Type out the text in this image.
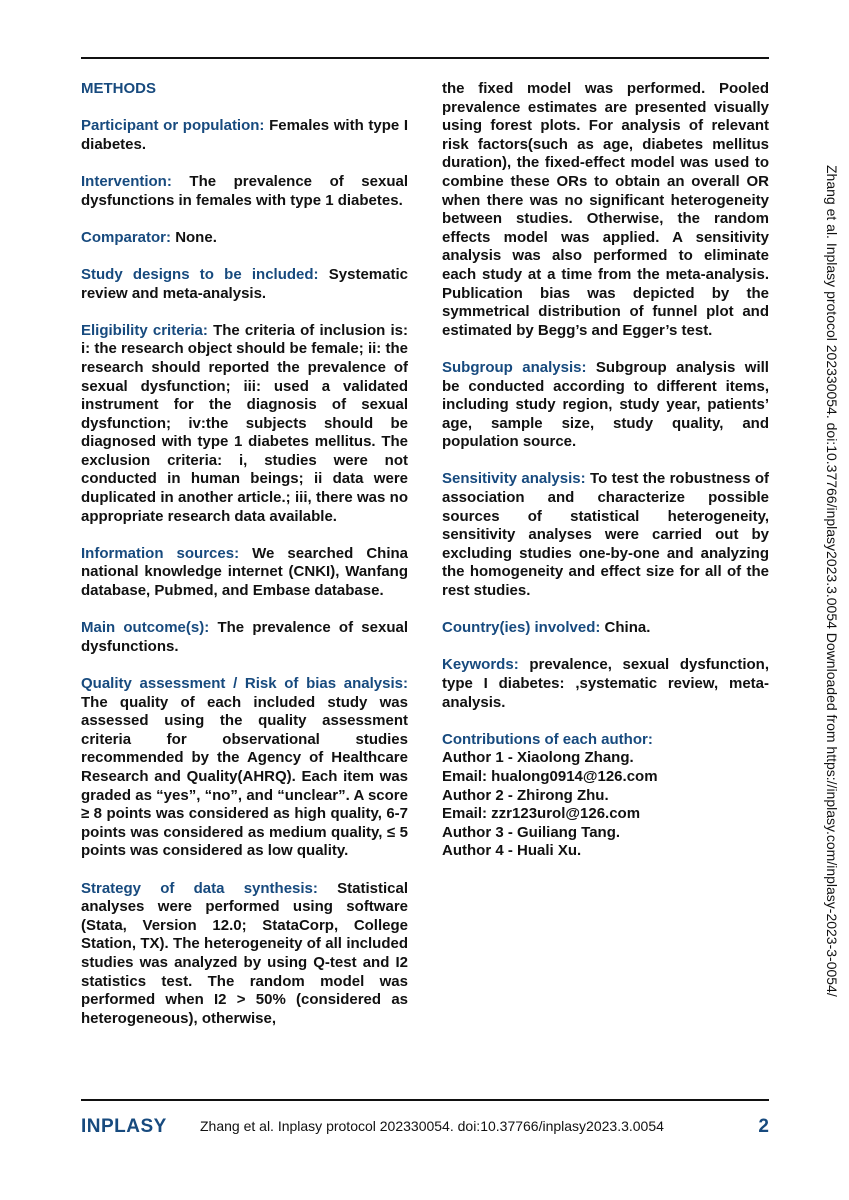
METHODS

Participant or population: Females with type I diabetes.

Intervention: The prevalence of sexual dysfunctions in females with type 1 diabetes.

Comparator: None.

Study designs to be included: Systematic review and meta-analysis.

Eligibility criteria: The criteria of inclusion is: i: the research object should be female; ii: the research should reported the prevalence of sexual dysfunction; iii: used a validated instrument for the diagnosis of sexual dysfunction; iv:the subjects should be diagnosed with type 1 diabetes mellitus. The exclusion criteria: i, studies were not conducted in human beings; ii data were duplicated in another article.; iii, there was no appropriate research data available.

Information sources: We searched China national knowledge internet (CNKI), Wanfang database, Pubmed, and Embase database.

Main outcome(s): The prevalence of sexual dysfunctions.

Quality assessment / Risk of bias analysis: The quality of each included study was assessed using the quality assessment criteria for observational studies recommended by the Agency of Healthcare Research and Quality(AHRQ). Each item was graded as “yes”, “no”, and “unclear”. A score ≥ 8 points was considered as high quality, 6-7 points was considered as medium quality, ≤ 5 points was considered as low quality.

Strategy of data synthesis: Statistical analyses were performed using software (Stata, Version 12.0; StataCorp, College Station, TX). The heterogeneity of all included studies was analyzed by using Q-test and I2 statistics test. The random model was performed when I2 > 50% (considered as heterogeneous), otherwise,

the fixed model was performed. Pooled prevalence estimates are presented visually using forest plots. For analysis of relevant risk factors(such as age, diabetes mellitus duration), the fixed-effect model was used to combine these ORs to obtain an overall OR when there was no significant heterogeneity between studies. Otherwise, the random effects model was applied. A sensitivity analysis was also performed to eliminate each study at a time from the meta-analysis. Publication bias was depicted by the symmetrical distribution of funnel plot and estimated by Begg’s and Egger’s test.

Subgroup analysis: Subgroup analysis will be conducted according to different items, including study region, study year, patients’ age, sample size, study quality, and population source.

Sensitivity analysis: To test the robustness of association and characterize possible sources of statistical heterogeneity, sensitivity analyses were carried out by excluding studies one-by-one and analyzing the homogeneity and effect size for all of the rest studies.

Country(ies) involved: China.

Keywords: prevalence, sexual dysfunction, type I diabetes: ,systematic review, meta-analysis.

Contributions of each author:
Author 1 - Xiaolong Zhang.
Email: hualong0914@126.com
Author 2 - Zhirong Zhu.
Email: zzr123urol@126.com
Author 3 - Guiliang Tang.
Author 4 - Huali Xu.	Zhang et al. Inplasy protocol 202330054. doi:10.37766/inplasy2023.3.0054 Downloaded from https://inplasy.com/inplasy-2023-3-0054/
INPLASY Zhang et al. Inplasy protocol 202330054. doi:10.37766/inplasy2023.3.0054	2
